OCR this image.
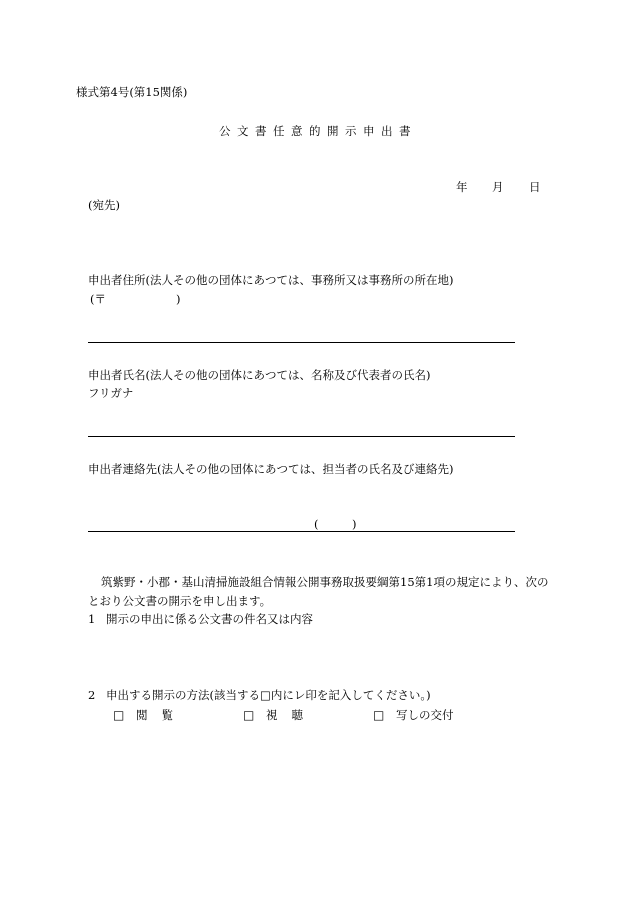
様式第4号(第15関係)
公文書任意的開示申出書
年 月 日
(宛先)
申出者住所(法人その他の団体にあつては、事務所又は事務所の所在地)
(〒	)
申出者氏名(法人その他の団体にあつては、名称及び代表者の氏名)
フリガナ
申出者連絡先(法人その他の団体にあつては、担当者の氏名及び連絡先)
(	)
筑紫野・小郡・基山清掃施設組合情報公開事務取扱要綱第15第1項の規定により、次の
とおり公文書の開示を申し出ます。
1 開示の申出に係る公文書の件名又は内容
2 申出する開示の方法(該当する□内にレ印を記入してください。)
□ 閲覧	□ 視聴	□ 写しの交付
